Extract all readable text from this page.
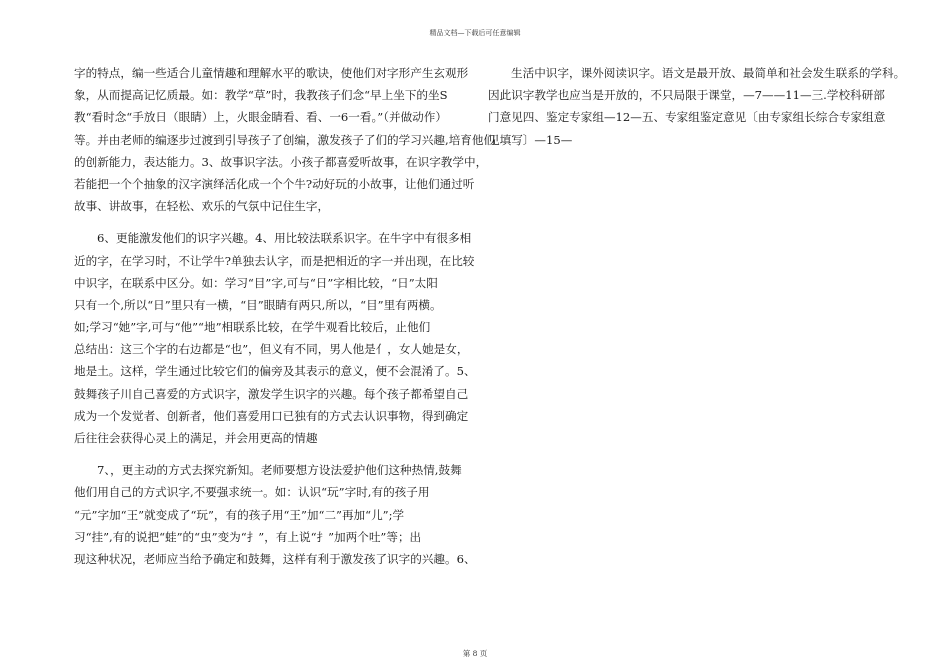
精品文档—下载后可任意编辑
字的特点，编一些适合儿童情趣和理解水平的歌诀，使他们对字形产生玄观形
象，从而提高记忆质最。如：教学“草”时，我教孩子们念“早上坐下的坐S
教“看时念“手放日（眼睛）上，火眼金睛看、看、一6一看。”（并做动作）
等。并由老师的编逐步过渡到引导孩子了创编，激发孩子了们的学习兴趣,培育他们
的创新能力，表达能力。3、故事识字法。小孩子都喜爱听故事，在识字教学中，
若能把一个个抽象的汉字演绎活化成一个个牛?动好玩的小故事，让他们通过听
故事、讲故事，在轻松、欢乐的气氛中记住生字，
6、更能激发他们的识字兴趣。4、用比较法联系识字。在牛字中有很多相
近的字，在学习时，不让学牛?单独去认字，而是把相近的字一并出现，在比较
中识字，在联系中区分。如：学习“目”字,可与“日”字相比较，“日”太阳
只有一个,所以“日”里只有一横，“目”眼睛有两只,所以，“目”里有两横。
如;学习“她”字,可与“他”“地”相联系比较，在学牛观看比较后，止他们
总结出：这三个字的右边都是“也”，但义有不同，男人他是亻，女人她是女，
地是土。这样，学生通过比较它们的偏旁及其表示的意义，便不会混淆了。5、
鼓舞孩子川自己喜爱的方式识字，激发学生识字的兴趣。每个孩子都希望自己
成为一个发觉者、创新者，他们喜爱用口已独有的方式去认识事物，得到确定
后往往会获得心灵上的满足，并会用更高的情趣
7、，更主动的方式去探究新知。老师要想方设法爱护他们这种热情,鼓舞
他们用自己的方式识字,不要强求统一。如：认识“玩”字时,有的孩子用
“元”字加“王”就变成了“玩”，有的孩子用“王”加“二”再加“儿”;学
习“挂”,有的说把“蛙”的“虫”变为“扌”，有上说“扌”加两个吐”等；出
现这种状况，老师应当给予确定和鼓舞，这样有利于激发孩了识字的兴趣。6、
生活中识字，课外阅读识字。语文是最开放、最简单和社会发生联系的学科。
因此识字教学也应当是开放的，不只局限于课堂，—7——11—三.学校科研部
门意见四、鉴定专家组—12—五、专家组鉴定意见〔由专家组长综合专家组意
见填写〕—15—
第 8 页
